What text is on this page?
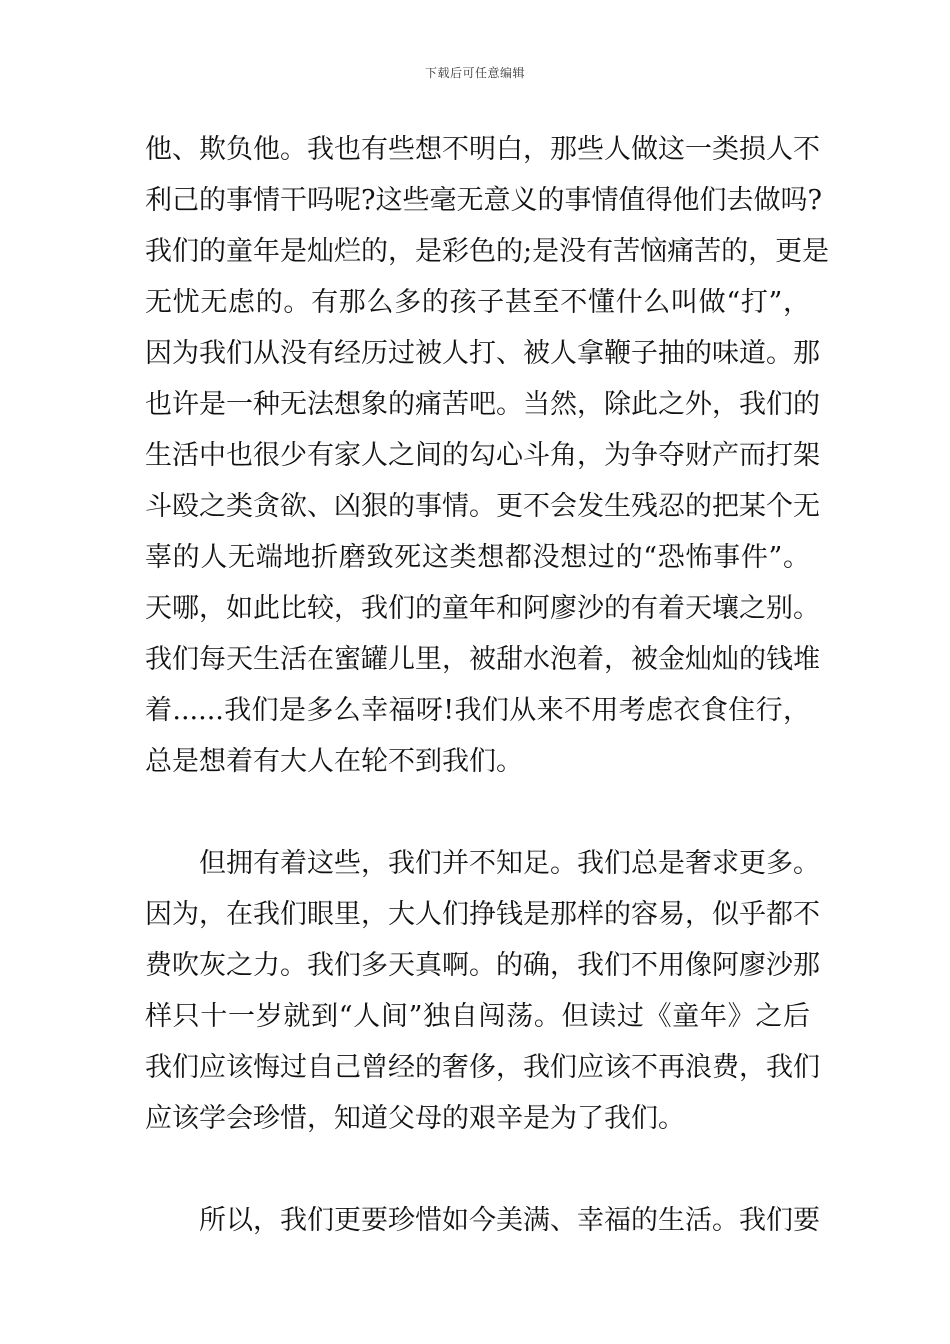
下载后可任意编辑
他、欺负他。我也有些想不明白，那些人做这一类损人不
利己的事情干吗呢?这些毫无意义的事情值得他们去做吗?
我们的童年是灿烂的，是彩色的;是没有苦恼痛苦的，更是
无忧无虑的。有那么多的孩子甚至不懂什么叫做“打”，
因为我们从没有经历过被人打、被人拿鞭子抽的味道。那
也许是一种无法想象的痛苦吧。当然，除此之外，我们的
生活中也很少有家人之间的勾心斗角，为争夺财产而打架
斗殴之类贪欲、凶狠的事情。更不会发生残忍的把某个无
辜的人无端地折磨致死这类想都没想过的“恐怖事件”。
天哪，如此比较，我们的童年和阿廖沙的有着天壤之别。
我们每天生活在蜜罐儿里，被甜水泡着，被金灿灿的钱堆
着......我们是多么幸福呀!我们从来不用考虑衣食住行，
总是想着有大人在轮不到我们。
但拥有着这些，我们并不知足。我们总是奢求更多。
因为，在我们眼里，大人们挣钱是那样的容易，似乎都不
费吹灰之力。我们多天真啊。的确，我们不用像阿廖沙那
样只十一岁就到“人间”独自闯荡。但读过《童年》之后
我们应该悔过自己曾经的奢侈，我们应该不再浪费，我们
应该学会珍惜，知道父母的艰辛是为了我们。
所以，我们更要珍惜如今美满、幸福的生活。我们要
